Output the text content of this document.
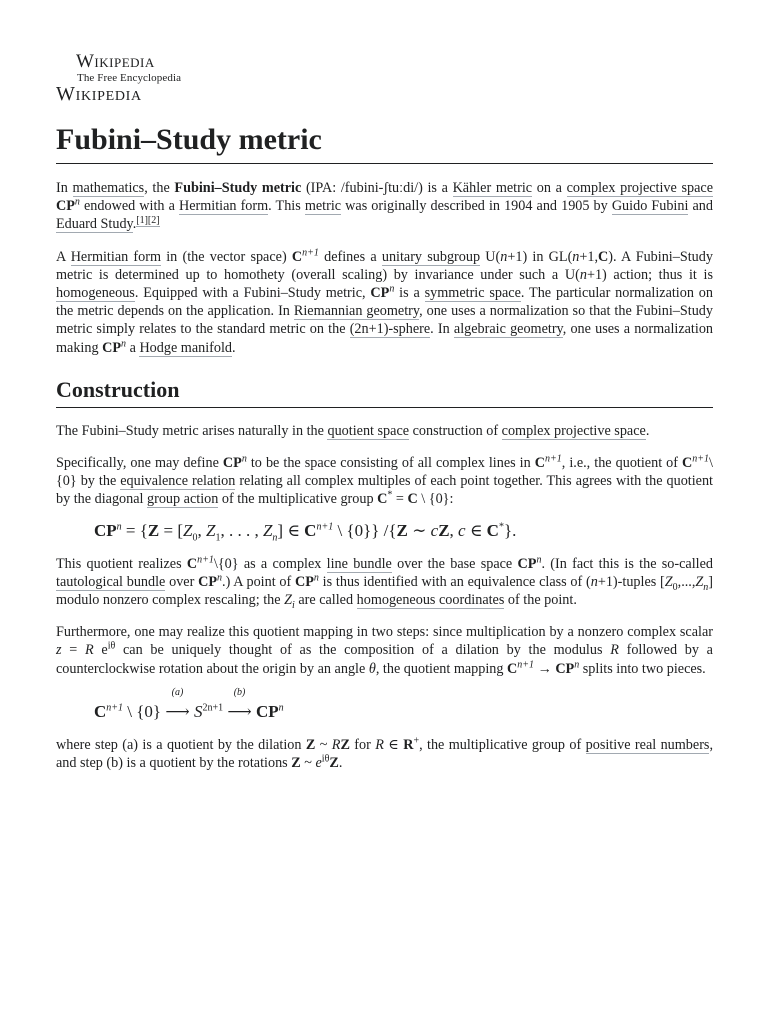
Wikipedia
The Free Encyclopedia
Wikipedia
Fubini–Study metric

In mathematics, the Fubini–Study metric (IPA: /fubini-ʃtuːdi/) is a Kähler metric on a complex projective space $CP^n$ endowed with a Hermitian form. This metric was originally described in 1904 and 1905 by Guido Fubini and Eduard Study.[1][2]

A Hermitian form in (the vector space) $C^{n+1}$ defines a unitary subgroup U(n+1) in GL(n+1,C). A Fubini–Study metric is determined up to homothety (overall scaling) by invariance under such a U(n+1) action; thus it is homogeneous. Equipped with a Fubini–Study metric, $CP^n$ is a symmetric space. The particular normalization on the metric depends on the application. In Riemannian geometry, one uses a normalization so that the Fubini–Study metric simply relates to the standard metric on the (2n+1)-sphere. In algebraic geometry, one uses a normalization making $CP^n$ a Hodge manifold.

Construction

The Fubini–Study metric arises naturally in the quotient space construction of complex projective space.

Specifically, one may define $CP^n$ to be the space consisting of all complex lines in $C^{n+1}$, i.e., the quotient of $C^{n+1}\backslash\{0\}$ by the equivalence relation relating all complex multiples of each point together. This agrees with the quotient by the diagonal group action of the multiplicative group C* = C \ {0}:

$CP^n = \{Z = [Z_0$, $Z_1$, . . . , $Z_n$] ∈ $C^{n+1}$ \ {0}} /{Z ∼ cZ, c ∈ C*}.

This quotient realizes $C^{n+1}\backslash\{0\}$ as a complex line bundle over the base space $CP^n$. (In fact this is the so-called tautological bundle over $CP^n$.) A point of $CP^n$ is thus identified with an equivalence class of (n+1)-tuples $[Z_0,...,Z_n]$ modulo nonzero complex rescaling; the $Z_i$ are called homogeneous coordinates of the point.

Furthermore, one may realize this quotient mapping in two steps: since multiplication by a nonzero complex scalar z = R $e^{i\theta}$ can be uniquely thought of as the composition of a dilation by the modulus R followed by a counterclockwise rotation about the origin by an angle θ, the quotient mapping $C^{n+1} \to CP^n$ splits into two pieces.

$C^{n+1}$ \ {0}
(a)
⟶ $S^{2n+1}$
(b)
⟶ $CP^n$

where step (a) is a quotient by the dilation Z ~ RZ for R ∈ R+, the multiplicative group of positive real numbers, and step (b) is a quotient by the rotations Z ~ $e^{i\theta}Z$.
